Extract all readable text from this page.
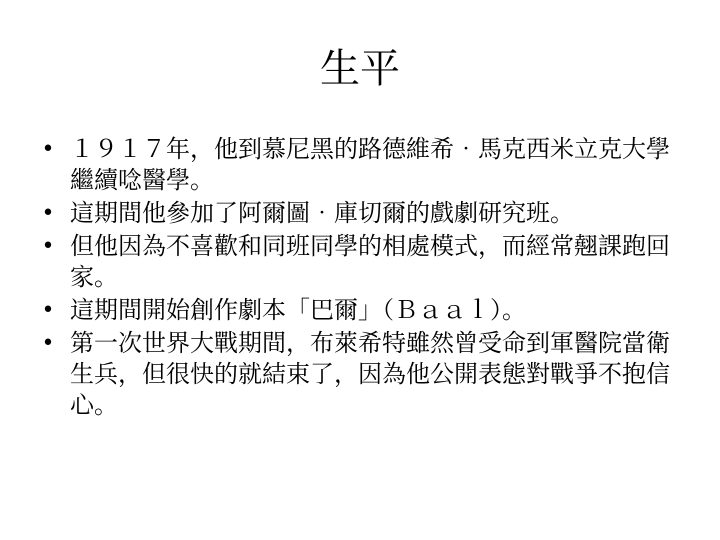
生平
• １９１７年，他到慕尼黑的路德維希‧馬克西米立克大學繼續唸醫學。
• 這期間他參加了阿爾圖‧庫切爾的戲劇研究班。
• 但他因為不喜歡和同班同學的相處模式，而經常翹課跑回家。
• 這期間開始創作劇本「巴爾」（Ｂａａｌ）。
• 第一次世界大戰期間，布萊希特雖然曾受命到軍醫院當衛生兵，但很快的就結束了，因為他公開表態對戰爭不抱信心。
